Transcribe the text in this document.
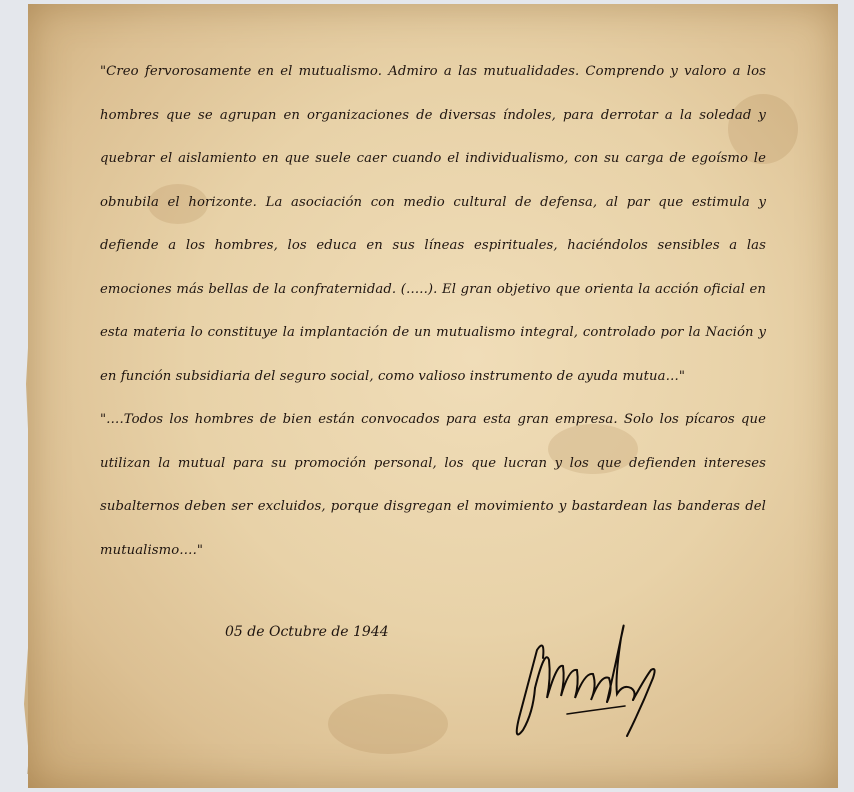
"Creo fervorosamente en el mutualismo. Admiro a las mutualidades. Comprendo y valoro a los hombres que se agrupan en organizaciones de diversas índoles, para derrotar a la soledad y quebrar el aislamiento en que suele caer cuando el individualismo, con su carga de egoísmo le obnubila el horizonte. La asociación con medio cultural de defensa, al par que estimula y defiende a los hombres, los educa en sus líneas espirituales, haciéndolos sensibles a las emociones más bellas de la confraternidad. (…..). El gran objetivo que orienta la acción oficial en esta materia lo constituye la implantación de un mutualismo integral, controlado por la Nación y en función subsidiaria del seguro social, como valioso instrumento de ayuda mutua…"

"….Todos los hombres de bien están convocados para esta gran empresa. Solo los pícaros que utilizan la mutual para su promoción personal, los que lucran y los que defienden intereses subalternos deben ser excluidos, porque disgregan el movimiento y bastardean las banderas del mutualismo…."

05 de Octubre de 1944
